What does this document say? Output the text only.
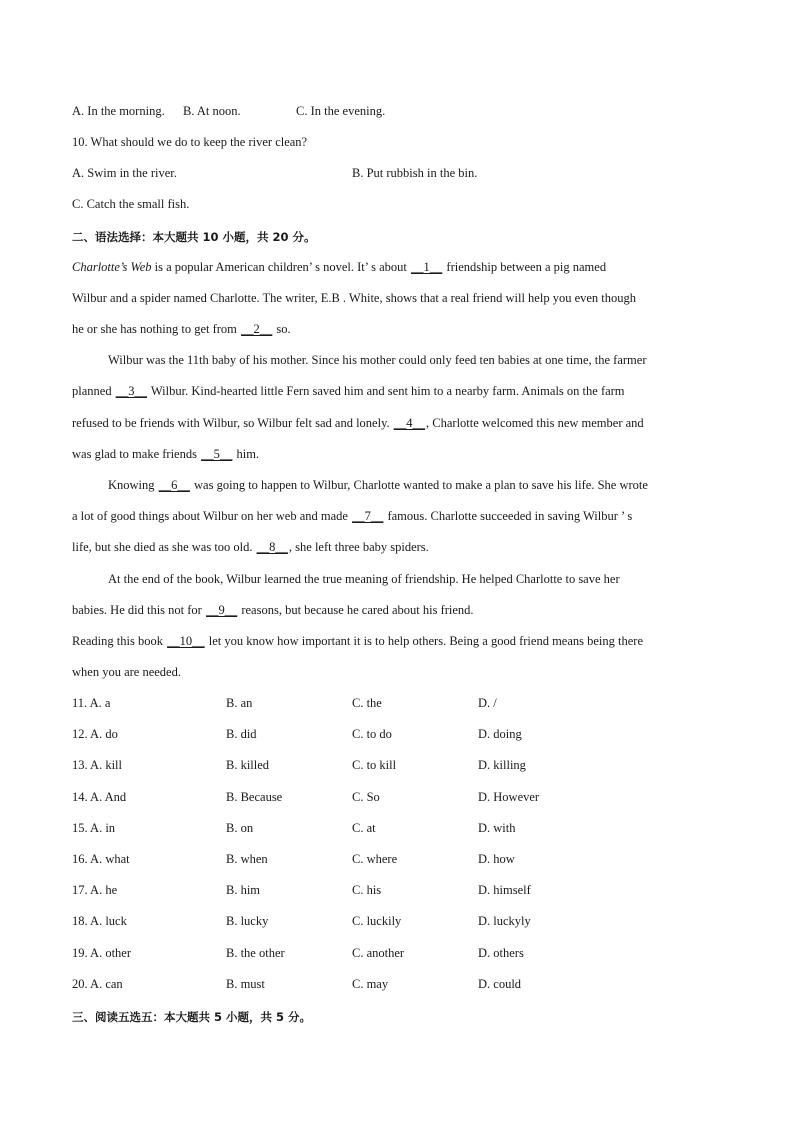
A. In the morning. B. At noon.	C. In the evening.
10. What should we do to keep the river clean?
A. Swim in the river.	B. Put rubbish in the bin.
C. Catch the small fish.
二、语法选择：本大题共 10 小题，共 20 分。
Charlotte’s Web is a popular American children’ s novel. It’ s about __1__ friendship between a pig named
Wilbur and a spider named Charlotte. The writer, E.B . White, shows that a real friend will help you even though
he or she has nothing to get from __2__ so.
Wilbur was the 11th baby of his mother. Since his mother could only feed ten babies at one time, the farmer
planned __3__ Wilbur. Kind-hearted little Fern saved him and sent him to a nearby farm. Animals on the farm
refused to be friends with Wilbur, so Wilbur felt sad and lonely. __4__, Charlotte welcomed this new member and
was glad to make friends __5__ him.
Knowing __6__ was going to happen to Wilbur, Charlotte wanted to make a plan to save his life. She wrote
a lot of good things about Wilbur on her web and made __7__ famous. Charlotte succeeded in saving Wilbur ’ s
life, but she died as she was too old. __8__, she left three baby spiders.
At the end of the book, Wilbur learned the true meaning of friendship. He helped Charlotte to save her
babies. He did this not for __9__ reasons, but because he cared about his friend.
Reading this book __10__ let you know how important it is to help others. Being a good friend means being there
when you are needed.
11. A. a	B. an	C. the	D. /
12. A. do	B. did	C. to do	D. doing
13. A. kill	B. killed	C. to kill	D. killing
14. A. And	B. Because	C. So	D. However
15. A. in	B. on	C. at	D. with
16. A. what	B. when	C. where	D. how
17. A. he	B. him	C. his	D. himself
18. A. luck	B. lucky	C. luckily	D. luckyly
19. A. other	B. the other	C. another	D. others
20. A. can	B. must	C. may	D. could
三、阅读五选五：本大题共 5 小题，共 5 分。
